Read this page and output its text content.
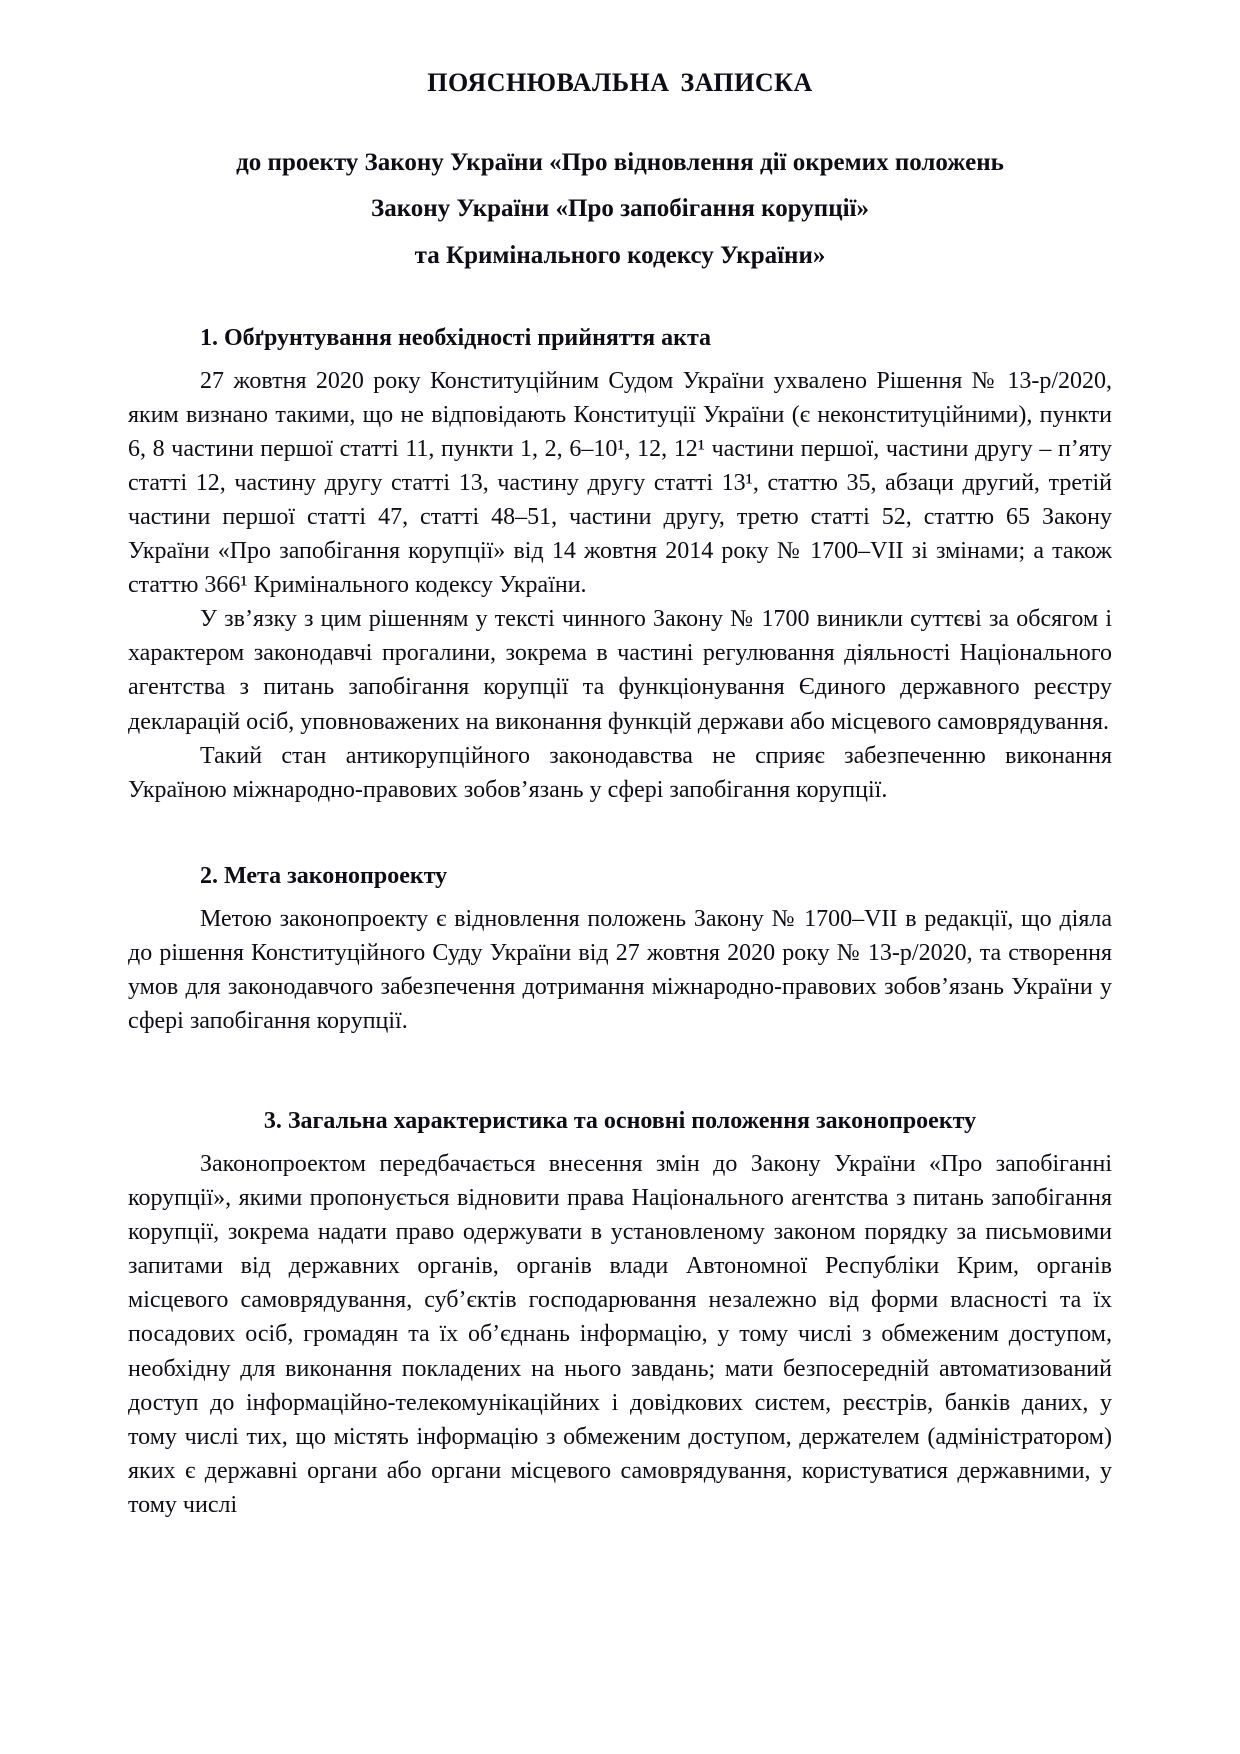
ПОЯСНЮВАЛЬНА ЗАПИСКА

до проекту Закону України «Про відновлення дії окремих положень

Закону України «Про запобігання корупції»

та Кримінального кодексу України»

1. Обґрунтування необхідності прийняття акта

27 жовтня 2020 року Конституційним Судом України ухвалено Рішення № 13-р/2020, яким визнано такими, що не відповідають Конституції України (є неконституційними), пункти 6, 8 частини першої статті 11, пункти 1, 2, 6–10¹, 12, 12¹ частини першої, частини другу – п’яту статті 12, частину другу статті 13, частину другу статті 13¹, статтю 35, абзаци другий, третій частини першої статті 47, статті 48–51, частини другу, третю статті 52, статтю 65 Закону України «Про запобігання корупції» від 14 жовтня 2014 року № 1700–VII зі змінами; а також статтю 366¹ Кримінального кодексу України.

У зв’язку з цим рішенням у тексті чинного Закону № 1700 виникли суттєві за обсягом і характером законодавчі прогалини, зокрема в частині регулювання діяльності Національного агентства з питань запобігання корупції та функціонування Єдиного державного реєстру декларацій осіб, уповноважених на виконання функцій держави або місцевого самоврядування.

Такий стан антикорупційного законодавства не сприяє забезпеченню виконання Україною міжнародно-правових зобов’язань у сфері запобігання корупції.

2. Мета законопроекту

Метою законопроекту є відновлення положень Закону № 1700–VII в редакції, що діяла до рішення Конституційного Суду України від 27 жовтня 2020 року № 13-р/2020, та створення умов для законодавчого забезпечення дотримання міжнародно-правових зобов’язань України у сфері запобігання корупції.

3. Загальна характеристика та основні положення законопроекту

Законопроектом передбачається внесення змін до Закону України «Про запобіганні корупції», якими пропонується відновити права Національного агентства з питань запобігання корупції, зокрема надати право одержувати в установленому законом порядку за письмовими запитами від державних органів, органів влади Автономної Республіки Крим, органів місцевого самоврядування, суб’єктів господарювання незалежно від форми власності та їх посадових осіб, громадян та їх об’єднань інформацію, у тому числі з обмеженим доступом, необхідну для виконання покладених на нього завдань; мати безпосередній автоматизований доступ до інформаційно-телекомунікаційних і довідкових систем, реєстрів, банків даних, у тому числі тих, що містять інформацію з обмеженим доступом, держателем (адміністратором) яких є державні органи або органи місцевого самоврядування, користуватися державними, у тому числі
